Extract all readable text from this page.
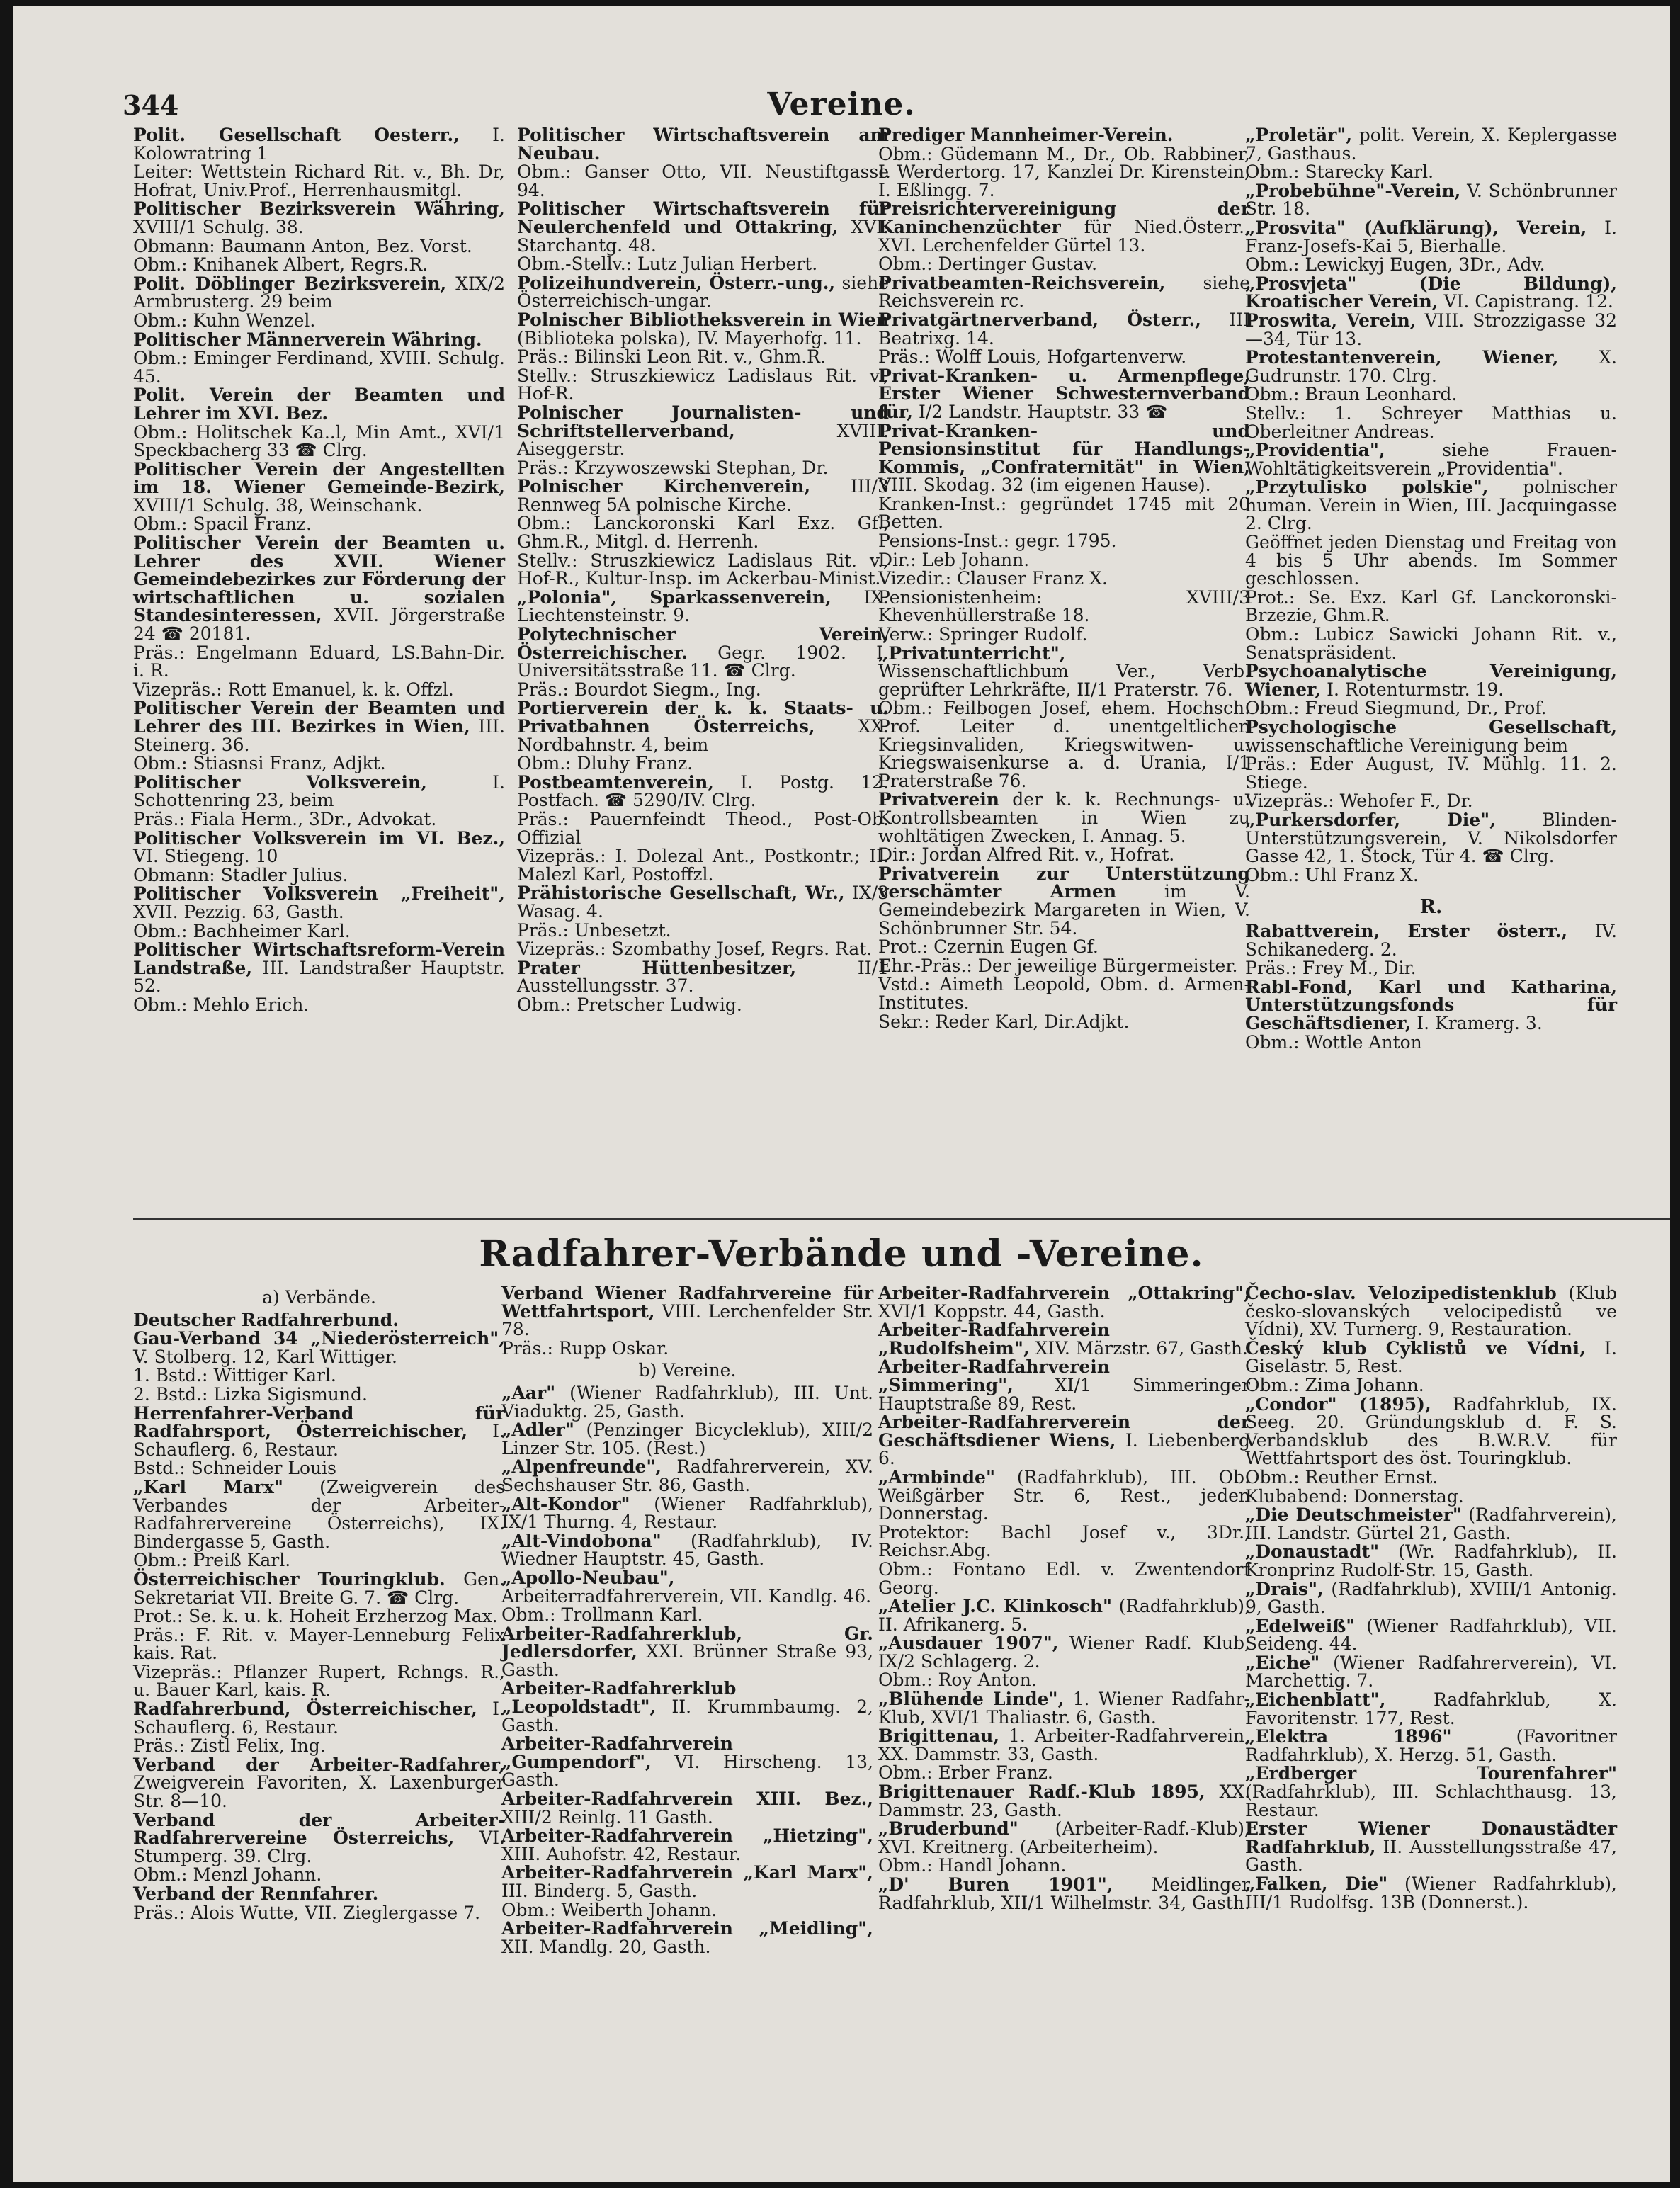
344	Vereine.
Polit. Gesellschaft Oesterr., I. Kolowratring 1
Leiter: Wettstein Richard Rit. v., Bh. Dr, Hofrat, Univ.Prof., Herrenhausmitgl.
Politischer Bezirksverein Währing, XVIII/1 Schulg. 38.
Obmann: Baumann Anton, Bez. Vorst.
Obm.: Knihanek Albert, Regrs.R.
Polit. Döblinger Bezirksverein, XIX/2 Armbrusterg. 29 beim
Obm.: Kuhn Wenzel.
Politischer Männerverein Währing.
Obm.: Eminger Ferdinand, XVIII. Schulg. 45.
Polit. Verein der Beamten und Lehrer im XVI. Bez.
Obm.: Holitschek Ka..l, Min Amt., XVI/1 Speckbacherg 33 ☎ Clrg.
Politischer Verein der Angestellten im 18. Wiener Gemeinde-Bezirk, XVIII/1 Schulg. 38, Weinschank.
Obm.: Spacil Franz.
Politischer Verein der Beamten u. Lehrer des XVII. Wiener Gemeindebezirkes zur Förderung der wirtschaftlichen u. sozialen Standesinteressen, XVII. Jörgerstraße 24 ☎ 20181.
Präs.: Engelmann Eduard, LS.Bahn-Dir. i. R.
Vizepräs.: Rott Emanuel, k. k. Offzl.
Politischer Verein der Beamten und Lehrer des III. Bezirkes in Wien, III. Steinerg. 36.
Obm.: Stiasnsi Franz, Adjkt.
Politischer Volksverein, I. Schottenring 23, beim
Präs.: Fiala Herm., 3Dr., Advokat.
Politischer Volksverein im VI. Bez., VI. Stiegeng. 10
Obmann: Stadler Julius.
Politischer Volksverein „Freiheit", XVII. Pezzig. 63, Gasth.
Obm.: Bachheimer Karl.
Politischer Wirtschaftsreform-Verein Landstraße, III. Landstraßer Hauptstr. 52.
Obm.: Mehlo Erich.
Politischer Wirtschaftsverein am Neubau.
Obm.: Ganser Otto, VII. Neustiftgasse 94.
Politischer Wirtschaftsverein für Neulerchenfeld und Ottakring, XVI. Starchantg. 48.
Obm.-Stellv.: Lutz Julian Herbert.
Polizeihundverein, Österr.-ung., siehe Österreichisch-ungar.
Polnischer Bibliotheksverein in Wien (Biblioteka polska), IV. Mayerhofg. 11.
Präs.: Bilinski Leon Rit. v., Ghm.R.
Stellv.: Struszkiewicz Ladislaus Rit. v., Hof-R.
Polnischer Journalisten- und Schriftstellerverband, XVIII. Aiseggerstr.
Präs.: Krzywoszewski Stephan, Dr.
Polnischer Kirchenverein, III/3 Rennweg 5A polnische Kirche.
Obm.: Lanckoronski Karl Exz. Gf., Ghm.R., Mitgl. d. Herrenh.
Stellv.: Struszkiewicz Ladislaus Rit. v., Hof-R., Kultur-Insp. im Ackerbau-Minist.
„Polonia", Sparkassenverein, IX. Liechtensteinstr. 9.
Polytechnischer Verein, Österreichischer. Gegr. 1902. I. Universitätsstraße 11. ☎ Clrg.
Präs.: Bourdot Siegm., Ing.
Portierverein der k. k. Staats- u. Privatbahnen Österreichs, XX. Nordbahnstr. 4, beim
Obm.: Dluhy Franz.
Postbeamtenverein, I. Postg. 12. Postfach. ☎ 5290/IV. Clrg.
Präs.: Pauernfeindt Theod., Post-Ob. Offizial
Vizepräs.: I. Dolezal Ant., Postkontr.; II. Malezl Karl, Postoffzl.
Prähistorische Gesellschaft, Wr., IX/3 Wasag. 4.
Präs.: Unbesetzt.
Vizepräs.: Szombathy Josef, Regrs. Rat.
Prater Hüttenbesitzer, II/1 Ausstellungsstr. 37.
Obm.: Pretscher Ludwig.
Prediger Mannheimer-Verein.
Obm.: Güdemann M., Dr., Ob. Rabbiner, I. Werdertorg. 17, Kanzlei Dr. Kirenstein, I. Eßlingg. 7.
Preisrichtervereinigung der Kaninchenzüchter für Nied.Österr., XVI. Lerchenfelder Gürtel 13.
Obm.: Dertinger Gustav.
Privatbeamten-Reichsverein, siehe Reichsverein rc.
Privatgärtnerverband, Österr., III Beatrixg. 14.
Präs.: Wolff Louis, Hofgartenverw.
Privat-Kranken- u. Armenpflege, Erster Wiener Schwesternverband für, I/2 Landstr. Hauptstr. 33 ☎
Privat-Kranken- und Pensionsinstitut für Handlungs-Kommis, „Confraternität" in Wien, VIII. Skodag. 32 (im eigenen Hause).
Kranken-Inst.: gegründet 1745 mit 20 Betten.
Pensions-Inst.: gegr. 1795.
Dir.: Leb Johann.
Vizedir.: Clauser Franz X.
Pensionistenheim: XVIII/3 Khevenhüllerstraße 18.
Verw.: Springer Rudolf.
„Privatunterricht", Wissenschaftlichbum Ver., Verb. geprüfter Lehrkräfte, II/1 Praterstr. 76.
Obm.: Feilbogen Josef, ehem. Hochsch. Prof. Leiter d. unentgeltlichen Kriegsinvaliden, Kriegswitwen- u. Kriegswaisenkurse a. d. Urania, I/1 Praterstraße 76.
Privatverein der k. k. Rechnungs- u. Kontrollsbeamten in Wien zu wohltätigen Zwecken, I. Annag. 5.
Dir.: Jordan Alfred Rit. v., Hofrat.
Privatverein zur Unterstützung verschämter Armen im V. Gemeindebezirk Margareten in Wien, V. Schönbrunner Str. 54.
Prot.: Czernin Eugen Gf.
Ehr.-Präs.: Der jeweilige Bürgermeister.
Vstd.: Aimeth Leopold, Obm. d. Armen-Institutes.
Sekr.: Reder Karl, Dir.Adjkt.
„Proletär", polit. Verein, X. Keplergasse 7, Gasthaus.
Obm.: Starecky Karl.
„Probebühne"-Verein, V. Schönbrunner Str. 18.
„Prosvita" (Aufklärung), Verein, I. Franz-Josefs-Kai 5, Bierhalle.
Obm.: Lewickyj Eugen, 3Dr., Adv.
„Prosvjeta" (Die Bildung), Kroatischer Verein, VI. Capistrang. 12.
Proswita, Verein, VIII. Strozzigasse 32—34, Tür 13.
Protestantenverein, Wiener, X. Gudrunstr. 170. Clrg.
Obm.: Braun Leonhard.
Stellv.: 1. Schreyer Matthias u. Oberleitner Andreas.
„Providentia", siehe Frauen-Wohltätigkeitsverein „Providentia".
„Przytulisko polskie", polnischer human. Verein in Wien, III. Jacquingasse 2. Clrg.
Geöffnet jeden Dienstag und Freitag von 4 bis 5 Uhr abends. Im Sommer geschlossen.
Prot.: Se. Exz. Karl Gf. Lanckoronski-Brzezie, Ghm.R.
Obm.: Lubicz Sawicki Johann Rit. v., Senatspräsident.
Psychoanalytische Vereinigung, Wiener, I. Rotenturmstr. 19.
Obm.: Freud Siegmund, Dr., Prof.
Psychologische Gesellschaft, wissenschaftliche Vereinigung beim
Präs.: Eder August, IV. Mühlg. 11. 2. Stiege.
Vizepräs.: Wehofer F., Dr.
„Purkersdorfer, Die", Blinden-Unterstützungsverein, V. Nikolsdorfer Gasse 42, 1. Stock, Tür 4. ☎ Clrg.
Obm.: Uhl Franz X.
R.
Rabattverein, Erster österr., IV. Schikanederg. 2.
Präs.: Frey M., Dir.
Rabl-Fond, Karl und Katharina, Unterstützungsfonds für Geschäftsdiener, I. Kramerg. 3.
Obm.: Wottle Anton
Radfahrer-Verbände und -Vereine.
a) Verbände.
Deutscher Radfahrerbund.
Gau-Verband 34 „Niederösterreich", V. Stolberg. 12, Karl Wittiger.
1. Bstd.: Wittiger Karl.
2. Bstd.: Lizka Sigismund.
Herrenfahrer-Verband für Radfahrsport, Österreichischer, I. Schauflerg. 6, Restaur.
Bstd.: Schneider Louis
„Karl Marx" (Zweigverein des Verbandes der Arbeiter-Radfahrervereine Österreichs), IX. Bindergasse 5, Gasth.
Obm.: Preiß Karl.
Österreichischer Touringklub. Gen. Sekretariat VII. Breite G. 7. ☎ Clrg.
Prot.: Se. k. u. k. Hoheit Erzherzog Max.
Präs.: F. Rit. v. Mayer-Lenneburg Felix kais. Rat.
Vizepräs.: Pflanzer Rupert, Rchngs. R., u. Bauer Karl, kais. R.
Radfahrerbund, Österreichischer, I. Schauflerg. 6, Restaur.
Präs.: Zistl Felix, Ing.
Verband der Arbeiter-Radfahrer, Zweigverein Favoriten, X. Laxenburger Str. 8—10.
Verband der Arbeiter-Radfahrervereine Österreichs, VI. Stumperg. 39. Clrg.
Obm.: Menzl Johann.
Verband der Rennfahrer.
Präs.: Alois Wutte, VII. Zieglergasse 7.
Verband Wiener Radfahrvereine für Wettfahrtsport, VIII. Lerchenfelder Str. 78.
Präs.: Rupp Oskar.
b) Vereine.
„Aar" (Wiener Radfahrklub), III. Unt. Viaduktg. 25, Gasth.
„Adler" (Penzinger Bicycleklub), XIII/2 Linzer Str. 105. (Rest.)
„Alpenfreunde", Radfahrerverein, XV. Sechshauser Str. 86, Gasth.
„Alt-Kondor" (Wiener Radfahrklub), IX/1 Thurng. 4, Restaur.
„Alt-Vindobona" (Radfahrklub), IV. Wiedner Hauptstr. 45, Gasth.
„Apollo-Neubau", Arbeiterradfahrerverein, VII. Kandlg. 46.
Obm.: Trollmann Karl.
Arbeiter-Radfahrerklub, Gr. Jedlersdorfer, XXI. Brünner Straße 93, Gasth.
Arbeiter-Radfahrerklub „Leopoldstadt", II. Krummbaumg. 2, Gasth.
Arbeiter-Radfahrverein „Gumpendorf", VI. Hirscheng. 13, Gasth.
Arbeiter-Radfahrverein XIII. Bez., XIII/2 Reinlg. 11 Gasth.
Arbeiter-Radfahrverein „Hietzing", XIII. Auhofstr. 42, Restaur.
Arbeiter-Radfahrverein „Karl Marx", III. Binderg. 5, Gasth.
Obm.: Weiberth Johann.
Arbeiter-Radfahrverein „Meidling", XII. Mandlg. 20, Gasth.
Arbeiter-Radfahrverein „Ottakring", XVI/1 Koppstr. 44, Gasth.
Arbeiter-Radfahrverein „Rudolfsheim", XIV. Märzstr. 67, Gasth.
Arbeiter-Radfahrverein „Simmering", XI/1 Simmeringer Hauptstraße 89, Rest.
Arbeiter-Radfahrerverein der Geschäftsdiener Wiens, I. Liebenberg 6.
„Armbinde" (Radfahrklub), III. Ob. Weißgärber Str. 6, Rest., jeden Donnerstag.
Protektor: Bachl Josef v., 3Dr., Reichsr.Abg.
Obm.: Fontano Edl. v. Zwentendorf Georg.
„Atelier J.C. Klinkosch" (Radfahrklub), II. Afrikanerg. 5.
„Ausdauer 1907", Wiener Radf. Klub, IX/2 Schlagerg. 2.
Obm.: Roy Anton.
„Blühende Linde", 1. Wiener Radfahr-Klub, XVI/1 Thaliastr. 6, Gasth.
Brigittenau, 1. Arbeiter-Radfahrverein, XX. Dammstr. 33, Gasth.
Obm.: Erber Franz.
Brigittenauer Radf.-Klub 1895, XX. Dammstr. 23, Gasth.
„Bruderbund" (Arbeiter-Radf.-Klub), XVI. Kreitnerg. (Arbeiterheim).
Obm.: Handl Johann.
„D' Buren 1901", Meidlinger Radfahrklub, XII/1 Wilhelmstr. 34, Gasth.
Čecho-slav. Velozipedistenklub (Klub česko-slovanských velocipedistů ve Vídni), XV. Turnerg. 9, Restauration.
Český klub Cyklistů ve Vídni, I. Giselastr. 5, Rest.
Obm.: Zima Johann.
„Condor" (1895), Radfahrklub, IX. Seeg. 20. Gründungsklub d. F. S. Verbandsklub des B.W.R.V. für Wettfahrtsport des öst. Touringklub.
Obm.: Reuther Ernst.
Klubabend: Donnerstag.
„Die Deutschmeister" (Radfahrverein), III. Landstr. Gürtel 21, Gasth.
„Donaustadt" (Wr. Radfahrklub), II. Kronprinz Rudolf-Str. 15, Gasth.
„Drais", (Radfahrklub), XVIII/1 Antonig. 9, Gasth.
„Edelweiß" (Wiener Radfahrklub), VII. Seideng. 44.
„Eiche" (Wiener Radfahrerverein), VI. Marchettig. 7.
„Eichenblatt", Radfahrklub, X. Favoritenstr. 177, Rest.
„Elektra 1896" (Favoritner Radfahrklub), X. Herzg. 51, Gasth.
„Erdberger Tourenfahrer" (Radfahrklub), III. Schlachthausg. 13, Restaur.
Erster Wiener Donaustädter Radfahrklub, II. Ausstellungsstraße 47, Gasth.
„Falken, Die" (Wiener Radfahrklub), III/1 Rudolfsg. 13B (Donnerst.).
